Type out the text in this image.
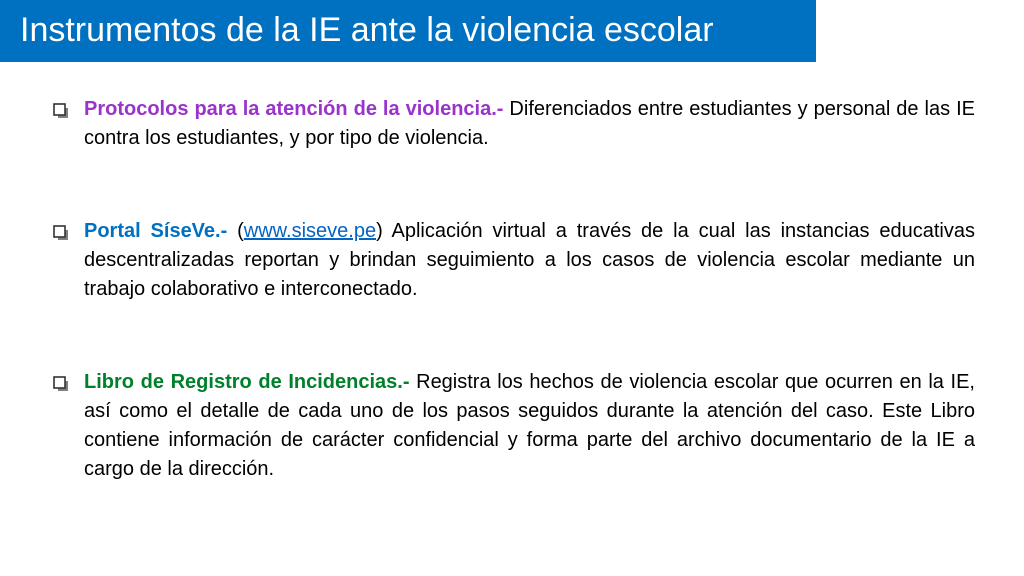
Instrumentos de la IE ante la violencia escolar
Protocolos para la atención de la violencia.- Diferenciados entre estudiantes y personal de las IE contra los estudiantes, y por tipo de violencia.
Portal SíseVe.- (www.siseve.pe) Aplicación virtual a través de la cual las instancias educativas descentralizadas reportan y brindan seguimiento a los casos de violencia escolar mediante un trabajo colaborativo e interconectado.
Libro de Registro de Incidencias.- Registra los hechos de violencia escolar que ocurren en la IE, así como el detalle de cada uno de los pasos seguidos durante la atención del caso. Este Libro contiene información de carácter confidencial y forma parte del archivo documentario de la IE a cargo de la dirección.
